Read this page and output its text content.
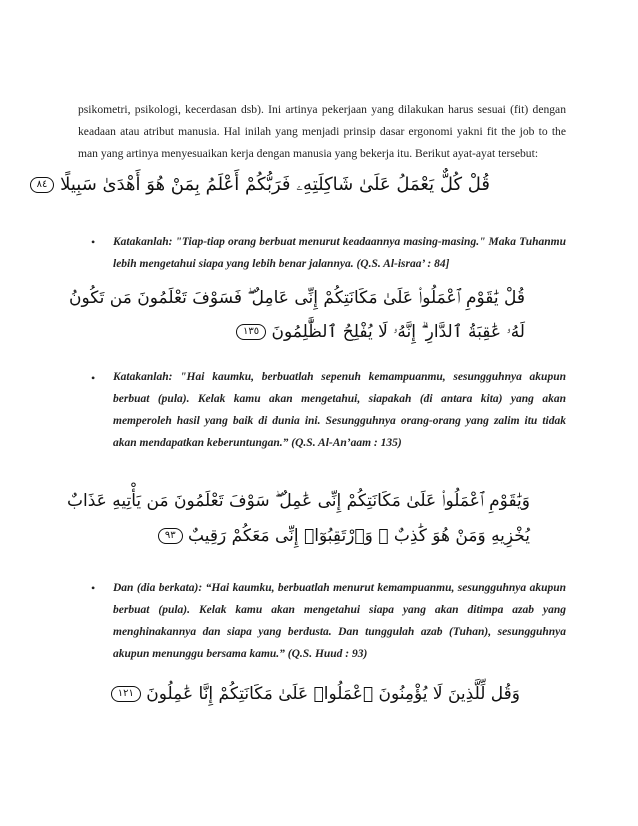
psikometri, psikologi, kecerdasan dsb). Ini artinya pekerjaan yang dilakukan harus sesuai (fit) dengan keadaan atau atribut manusia. Hal inilah yang menjadi prinsip dasar ergonomi yakni fit the job to the man yang artinya menyesuaikan kerja dengan manusia yang bekerja itu. Berikut ayat-ayat tersebut:

قُلْ كُلٌّ يَعْمَلُ عَلَىٰ شَاكِلَتِهِۦ فَرَبُّكُمْ أَعْلَمُ بِمَنْ هُوَ أَهْدَىٰ سَبِيلًا ٨٤
• Katakanlah: "Tiap-tiap orang berbuat menurut keadaannya masing-masing." Maka Tuhanmu lebih mengetahui siapa yang lebih benar jalannya. (Q.S. Al-israa’ : 84]

قُلْ يَٰقَوْمِ ٱعْمَلُوا۟ عَلَىٰ مَكَانَتِكُمْ إِنِّى عَامِلٌ ۖ فَسَوْفَ تَعْلَمُونَ مَن تَكُونُ
لَهُۥ عَٰقِبَةُ ٱلدَّارِ ۗ إِنَّهُۥ لَا يُفْلِحُ ٱلظَّٰلِمُونَ ١٣٥
• Katakanlah: "Hai kaumku, berbuatlah sepenuh kemampuanmu, sesungguhnya akupun berbuat (pula). Kelak kamu akan mengetahui, siapakah (di antara kita) yang akan memperoleh hasil yang baik di dunia ini. Sesungguhnya orang-orang yang zalim itu tidak akan mendapatkan keberuntungan.” (Q.S. Al-An’aam : 135)

وَيَٰقَوْمِ ٱعْمَلُوا۟ عَلَىٰ مَكَانَتِكُمْ إِنِّى عَٰمِلٌ ۖ سَوْفَ تَعْلَمُونَ مَن يَأْتِيهِ عَذَابٌ
يُخْزِيهِ وَمَنْ هُوَ كَٰذِبٌ ۖ وَٱرْتَقِبُوٓا۟ إِنِّى مَعَكُمْ رَقِيبٌ ٩٣
• Dan (dia berkata): “Hai kaumku, berbuatlah menurut kemampuanmu, sesungguhnya akupun berbuat (pula). Kelak kamu akan mengetahui siapa yang akan ditimpa azab yang menghinakannya dan siapa yang berdusta. Dan tunggulah azab (Tuhan), sesungguhnya akupun menunggu bersama kamu.” (Q.S. Huud : 93)

وَقُل لِّلَّذِينَ لَا يُؤْمِنُونَ ٱعْمَلُوا۟ عَلَىٰ مَكَانَتِكُمْ إِنَّا عَٰمِلُونَ ١٢١
